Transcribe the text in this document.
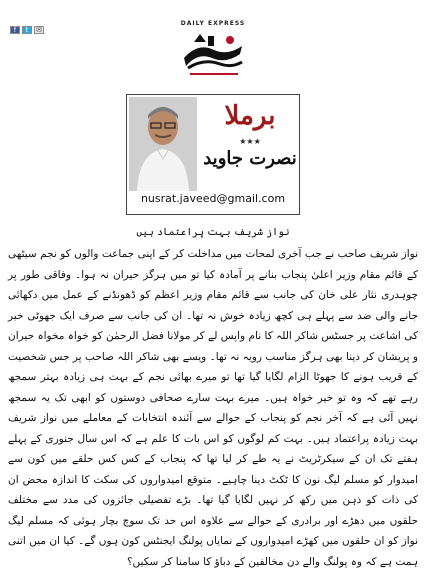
f	t	✉
DAILY EXPRESS
برملا
★★★
نصرت جاوید
nusrat.javeed@gmail.com
نواز شریف بہت پراعتماد ہیں
نواز شریف صاحب نے جب آخری لمحات میں مداخلت کر کے اپنی جماعت والوں کو نجم سیٹھی کے قائم مقام وزیر اعلیٰ پنجاب بنانے پر آمادہ کیا تو میں ہرگز حیران نہ ہوا۔ وفاقی طور پر چوہدری نثار علی خان کی جانب سے قائم مقام وزیر اعظم کو ڈھونڈنے کے عمل میں دکھائی جانے والی ضد سے پہلے ہی کچھ زیادہ خوش نہ تھا۔ ان کی جانب سے صرف ایک جھوٹی خبر کی اشاعت پر جسٹس شاکر اللہ کا نام واپس لے کر مولانا فضل الرحمٰن کو خواہ مخواہ حیران و پریشان کر دینا بھی ہرگز مناسب رویہ نہ تھا۔ ویسے بھی شاکر اللہ صاحب پر جس شخصیت کے قریب ہونے کا جھوٹا الزام لگایا گیا تھا تو میرے بھائی نجم کے بہت ہی زیادہ بہتر سمجھ رہے تھے کہ وہ تو خیر خواہ ہیں۔ میرے بہت سارے صحافی دوستوں کو ابھی تک یہ سمجھ نہیں آئی ہے کہ آخر نجم کو پنجاب کے حوالے سے آئندہ انتخابات کے معاملے میں نواز شریف بہت زیادہ پراعتماد ہیں۔ بہت کم لوگوں کو اس بات کا علم ہے کہ اس سال جنوری کے پہلے ہفتے تک ان کے سیکرٹریٹ نے یہ طے کر لیا تھا کہ پنجاب کے کس کس حلقے میں کون سے امیدوار کو مسلم لیگ نون کا ٹکٹ دینا چاہیے۔ متوقع امیدواروں کی سکت کا اندازہ محض ان کی ذات کو ذہن میں رکھ کر نہیں لگایا گیا تھا۔ بڑے تفصیلی جائزوں کی مدد سے مختلف حلقوں میں دھڑے اور برادری کے حوالے سے علاوہ اس حد تک سوچ بچار ہوئی کہ مسلم لیگ نواز کو ان حلقوں میں کھڑے امیدواروں کے نمایاں پولنگ ایجنٹس کون ہوں گے۔ کیا ان میں اتنی ہمت ہے کہ وہ پولنگ والے دن مخالفین کے دباؤ کا سامنا کر سکیں؟
